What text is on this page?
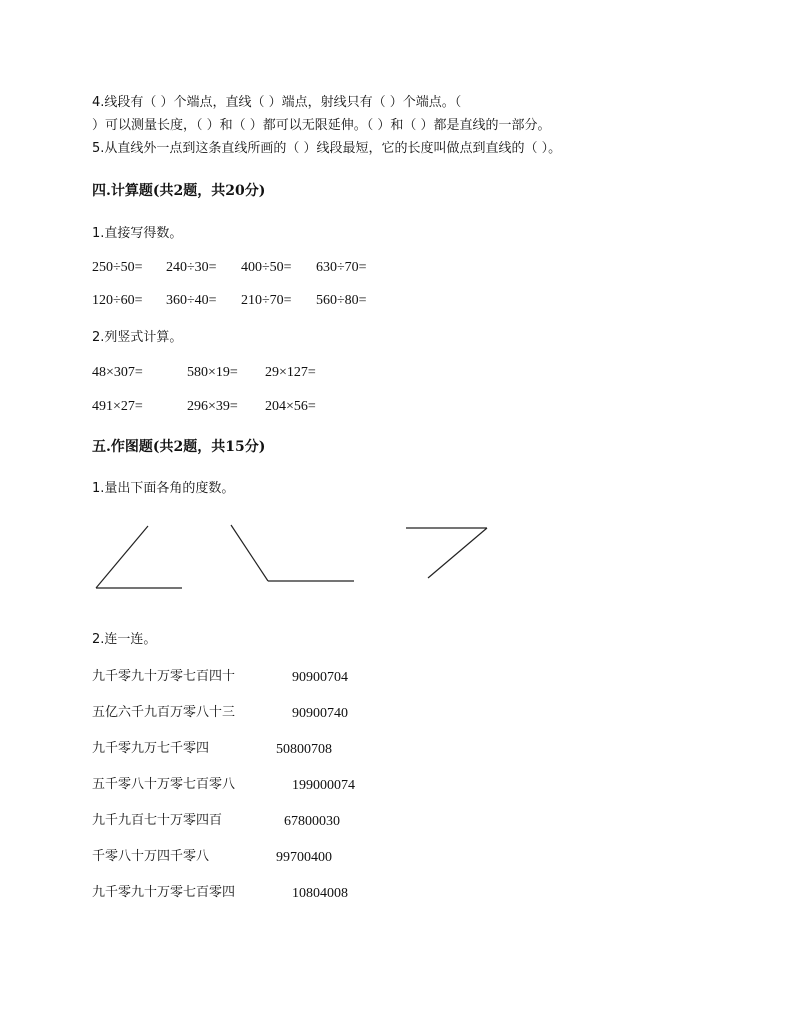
4.线段有（ ）个端点，直线（ ）端点，射线只有（ ）个端点。（
）可以测量长度，（ ）和（ ）都可以无限延伸。（ ）和（ ）都是直线的一部分。
5.从直线外一点到这条直线所画的（ ）线段最短，它的长度叫做点到直线的（ ）。
四.计算题(共2题，共20分)
1.直接写得数。
250÷50= 240÷30= 400÷50= 630÷70=
120÷60= 360÷40= 210÷70= 560÷80=
2.列竖式计算。
48×307=	580×19= 29×127=
491×27=	296×39= 204×56=
五.作图题(共2题，共15分)
1.量出下面各角的度数。
2.连一连。
九千零九十万零七百四十	90900704
五亿六千九百万零八十三	90900740
九千零九万七千零四	50800708
五千零八十万零七百零八	199000074
九千九百七十万零四百	67800030
千零八十万四千零八	99700400
九千零九十万零七百零四	10804008
